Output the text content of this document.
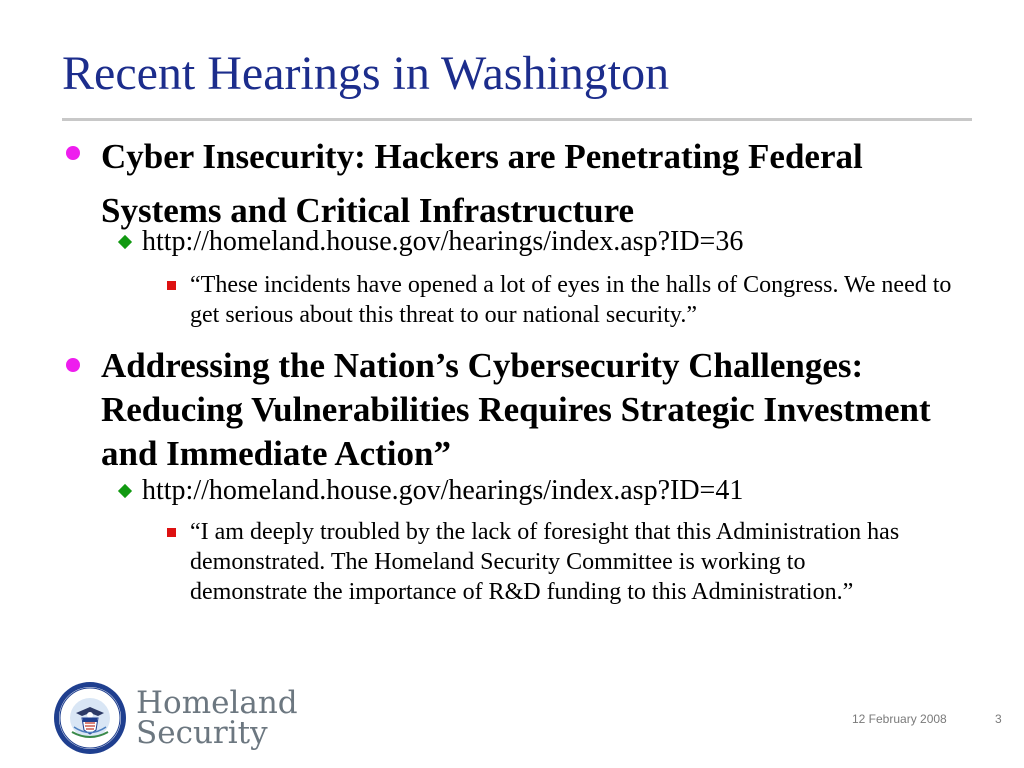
Recent Hearings in Washington
Cyber Insecurity: Hackers are Penetrating Federal Systems and Critical Infrastructure
http://homeland.house.gov/hearings/index.asp?ID=36
“These incidents have opened a lot of eyes in the halls of Congress. We need to get serious about this threat to our national security.”
Addressing the Nation’s Cybersecurity Challenges: Reducing Vulnerabilities Requires Strategic Investment and Immediate Action”
http://homeland.house.gov/hearings/index.asp?ID=41
“I am deeply troubled by the lack of foresight that this Administration has demonstrated. The Homeland Security Committee is working to demonstrate the importance of R&D funding to this Administration.”
Homeland
Security	12 February 2008	3
